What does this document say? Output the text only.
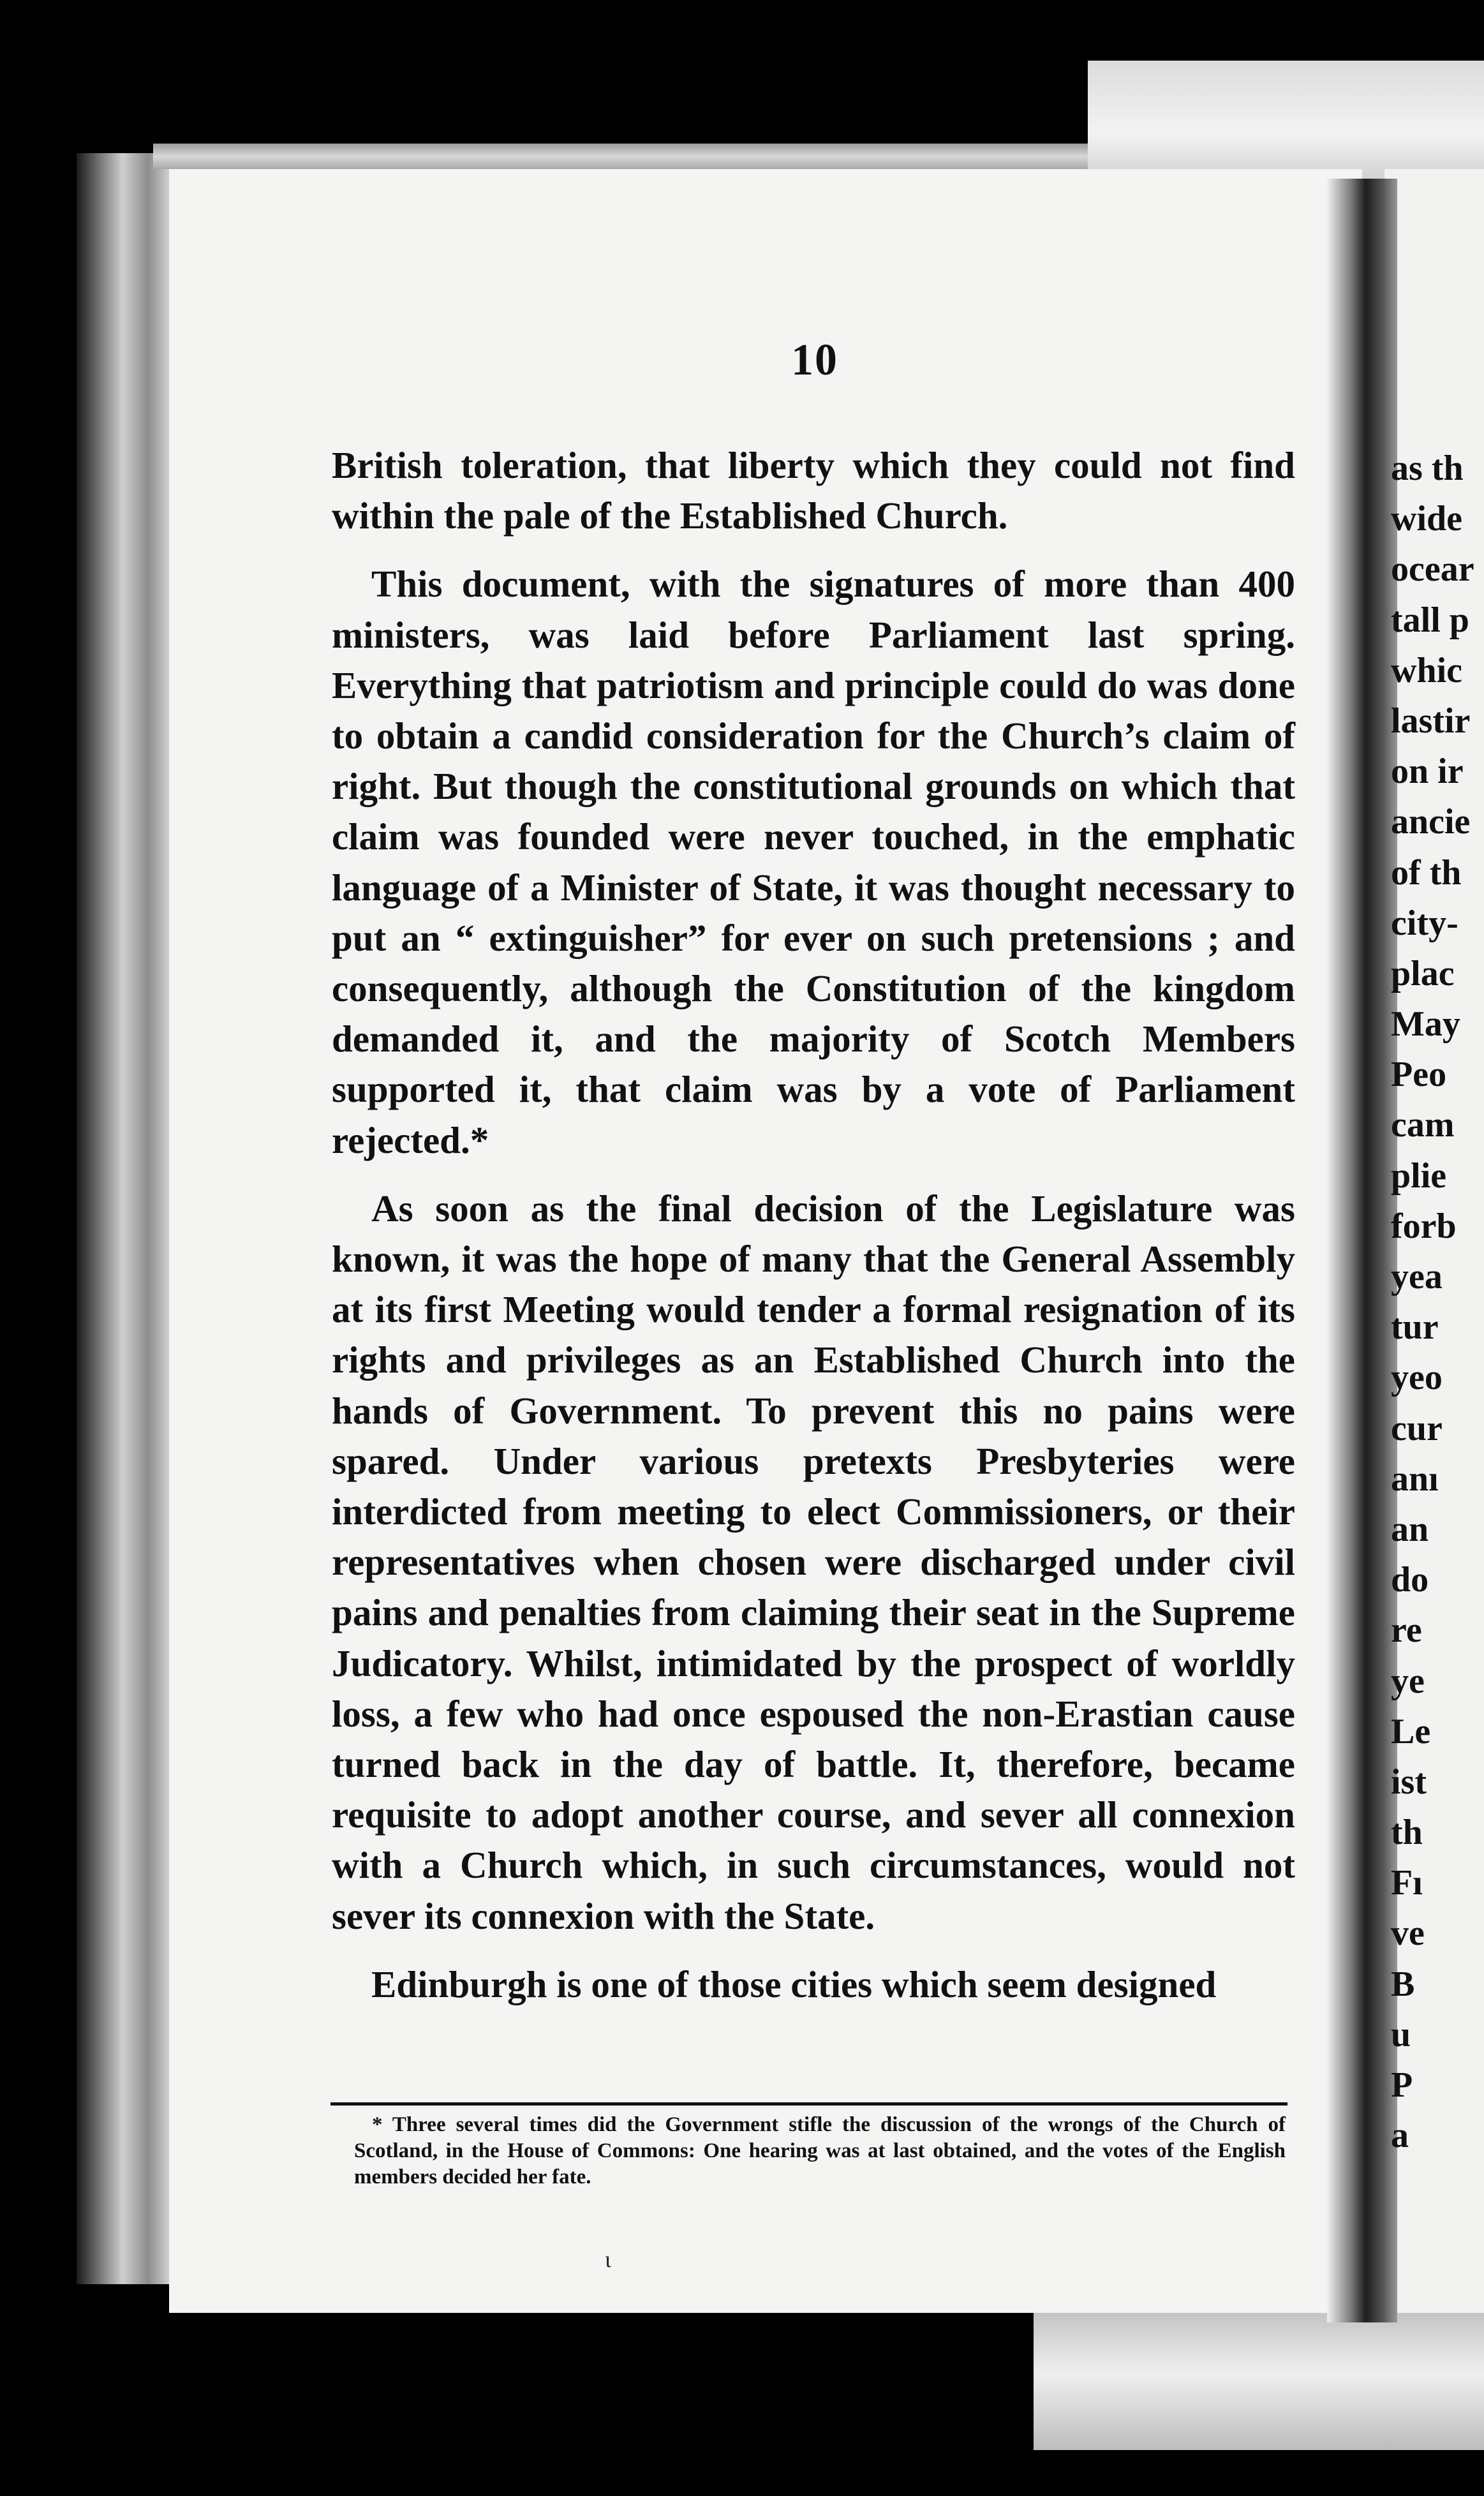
10

British toleration, that liberty which they could not find within the pale of the Established Church.

This document, with the signatures of more than 400 ministers, was laid before Parliament last spring. Everything that patriotism and principle could do was done to obtain a candid consideration for the Church’s claim of right. But though the constitutional grounds on which that claim was founded were never touched, in the emphatic language of a Minister of State, it was thought necessary to put an “ extinguisher” for ever on such pretensions ; and consequently, although the Constitution of the kingdom demanded it, and the majority of Scotch Members supported it, that claim was by a vote of Parliament rejected.*

As soon as the final decision of the Legislature was known, it was the hope of many that the General Assembly at its first Meeting would tender a formal resignation of its rights and privileges as an Established Church into the hands of Government. To prevent this no pains were spared. Under various pretexts Presbyteries were interdicted from meeting to elect Commissioners, or their representatives when chosen were discharged under civil pains and penalties from claiming their seat in the Supreme Judicatory. Whilst, intimidated by the prospect of worldly loss, a few who had once espoused the non-Erastian cause turned back in the day of battle. It, therefore, became requisite to adopt another course, and sever all connexion with a Church which, in such circumstances, would not sever its connexion with the State.

Edinburgh is one of those cities which seem designed

* Three several times did the Government stifle the discussion of the wrongs of the Church of Scotland, in the House of Commons: One hearing was at last obtained, and the votes of the English members decided her fate.
ι
as th
wide
ocear
tall p
whic
lastir
on ir
ancie
of th
city-
plac
May
Peo
cam
plie
forb
yea
tur
yeo
cur
anı
an
do
re
ye
Le
ist
th
Fı
ve
B
u
P
a
